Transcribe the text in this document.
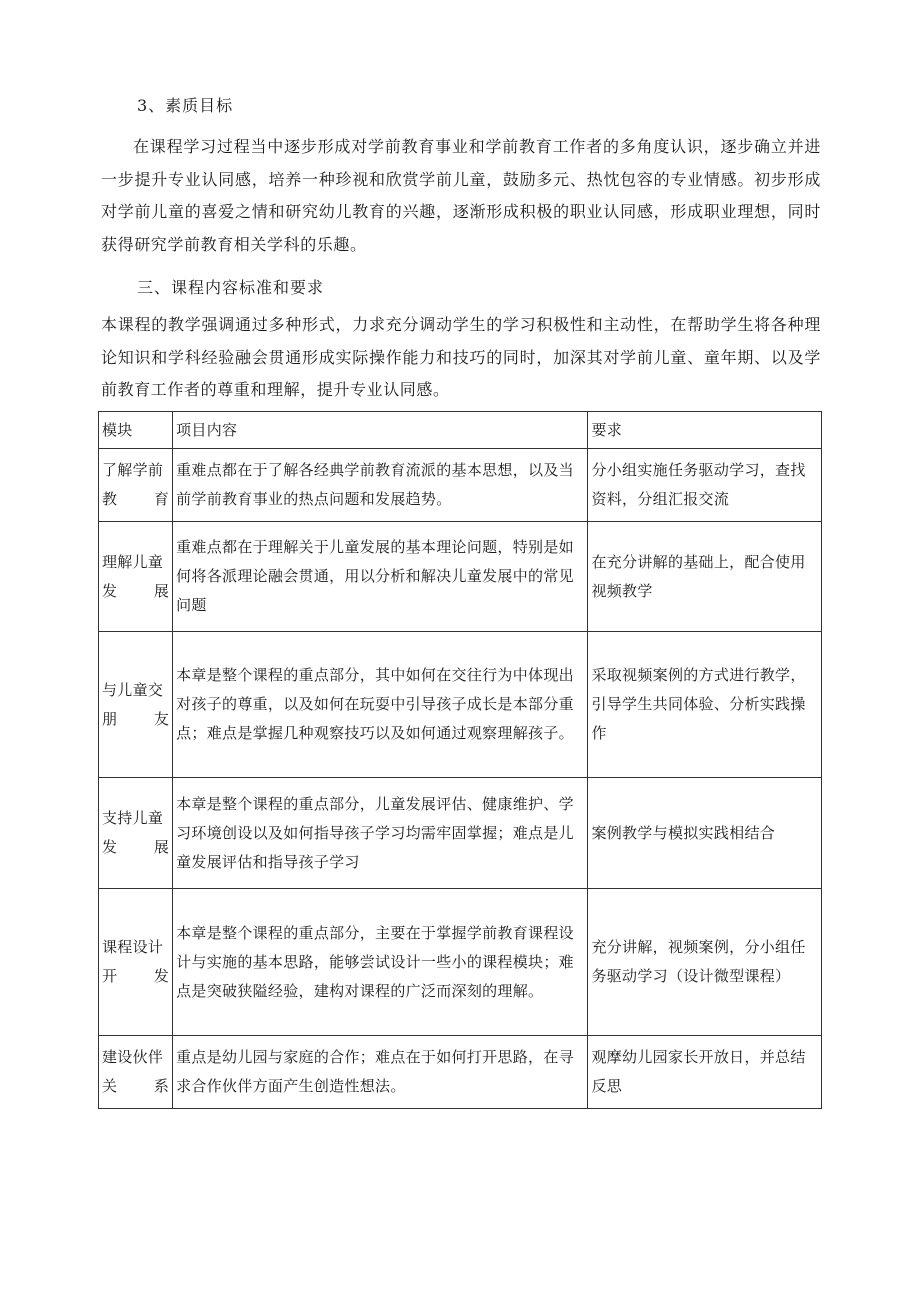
3、素质目标

在课程学习过程当中逐步形成对学前教育事业和学前教育工作者的多角度认识，逐步确立并进一步提升专业认同感，培养一种珍视和欣赏学前儿童，鼓励多元、热忱包容的专业情感。初步形成对学前儿童的喜爱之情和研究幼儿教育的兴趣，逐渐形成积极的职业认同感，形成职业理想，同时获得研究学前教育相关学科的乐趣。

三、课程内容标准和要求

本课程的教学强调通过多种形式，力求充分调动学生的学习积极性和主动性，在帮助学生将各种理论知识和学科经验融会贯通形成实际操作能力和技巧的同时，加深其对学前儿童、童年期、以及学前教育工作者的尊重和理解，提升专业认同感。

模块	项目内容	要求
了解学前教育	重难点都在于了解各经典学前教育流派的基本思想，以及当前学前教育事业的热点问题和发展趋势。	分小组实施任务驱动学习，查找资料，分组汇报交流
理解儿童发展	重难点都在于理解关于儿童发展的基本理论问题，特别是如何将各派理论融会贯通，用以分析和解决儿童发展中的常见问题	在充分讲解的基础上，配合使用视频教学
与儿童交朋友	本章是整个课程的重点部分，其中如何在交往行为中体现出对孩子的尊重，以及如何在玩耍中引导孩子成长是本部分重点；难点是掌握几种观察技巧以及如何通过观察理解孩子。	采取视频案例的方式进行教学，引导学生共同体验、分析实践操作
支持儿童发展	本章是整个课程的重点部分，儿童发展评估、健康维护、学习环境创设以及如何指导孩子学习均需牢固掌握；难点是儿童发展评估和指导孩子学习	案例教学与模拟实践相结合
课程设计开发	本章是整个课程的重点部分，主要在于掌握学前教育课程设计与实施的基本思路，能够尝试设计一些小的课程模块；难点是突破狭隘经验，建构对课程的广泛而深刻的理解。	充分讲解，视频案例，分小组任务驱动学习（设计微型课程）
建设伙伴关系	重点是幼儿园与家庭的合作；难点在于如何打开思路，在寻求合作伙伴方面产生创造性想法。	观摩幼儿园家长开放日，并总结反思
